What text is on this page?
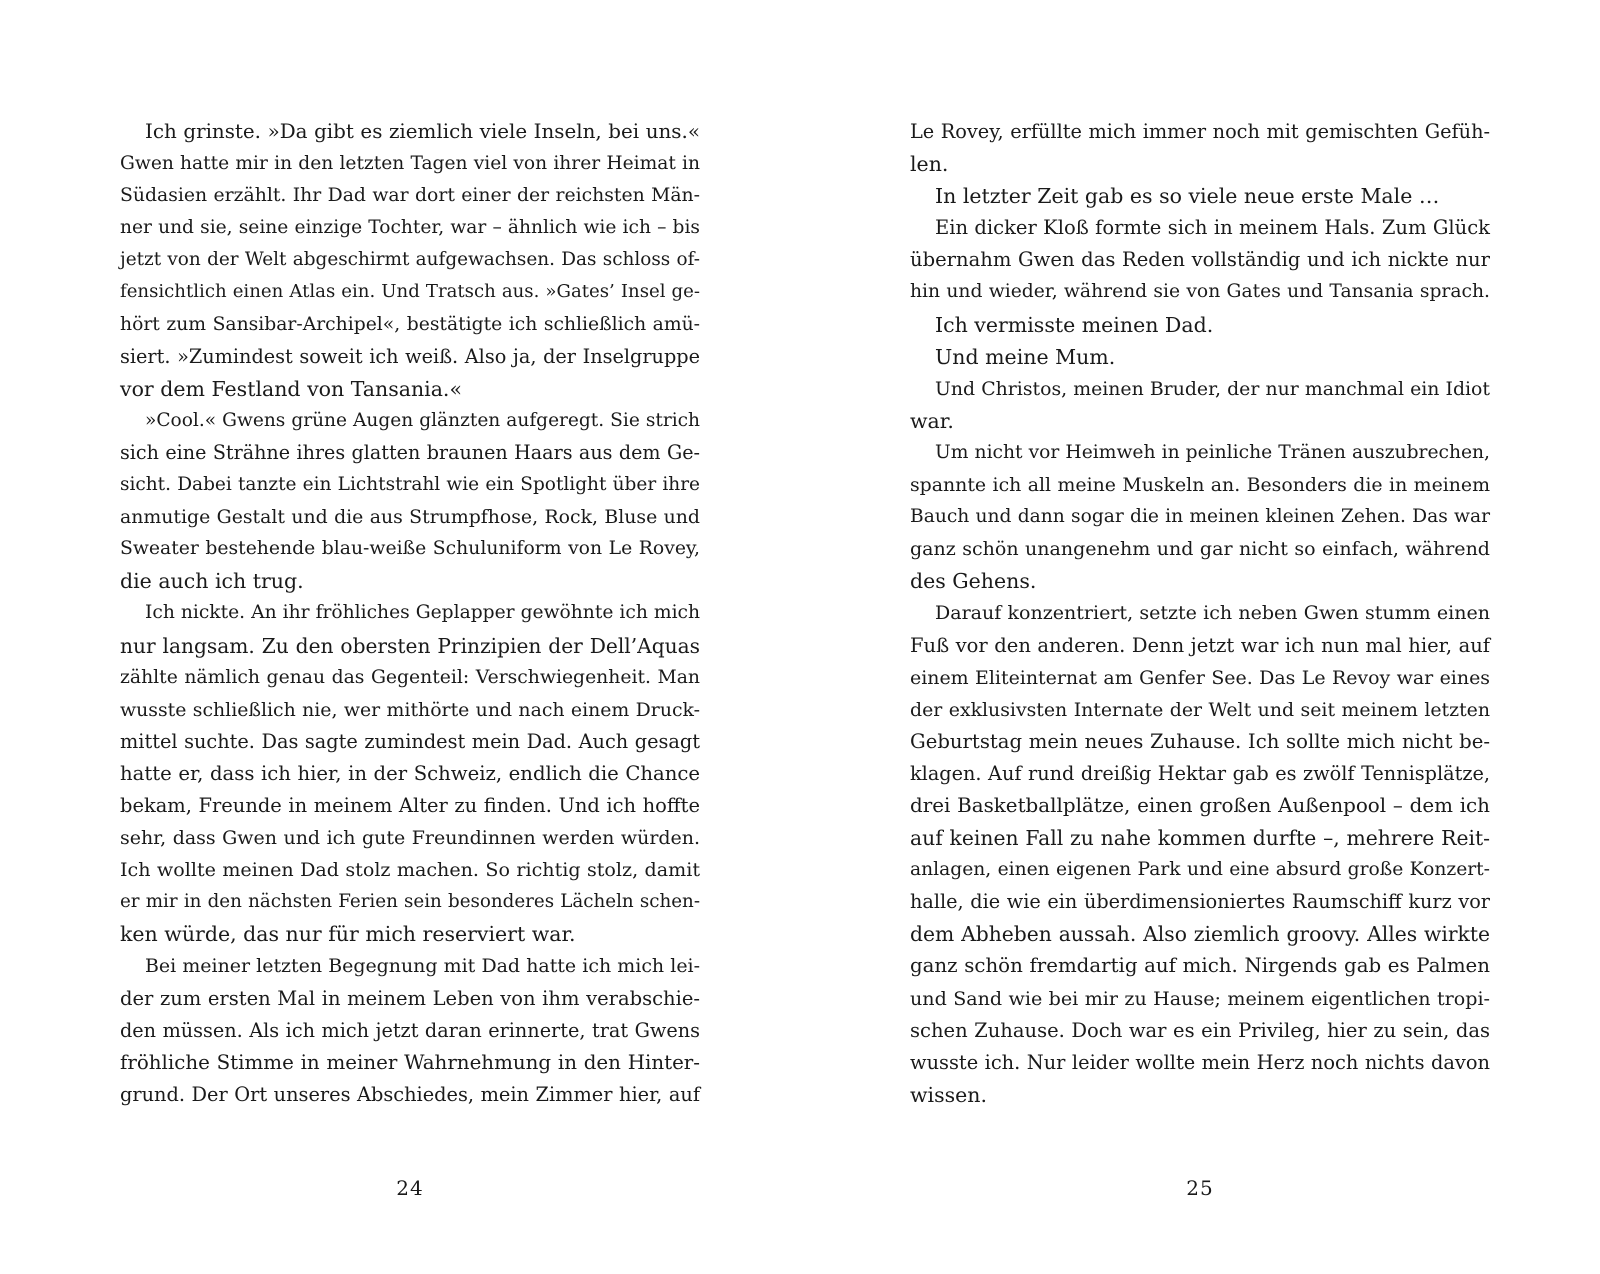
Ich grinste. »Da gibt es ziemlich viele Inseln, bei uns.«
Gwen hatte mir in den letzten Tagen viel von ihrer Heimat in
Südasien erzählt. Ihr Dad war dort einer der reichsten Män-
ner und sie, seine einzige Tochter, war – ähnlich wie ich – bis
jetzt von der Welt abgeschirmt aufgewachsen. Das schloss of-
fensichtlich einen Atlas ein. Und Tratsch aus. »Gates’ Insel ge-
hört zum Sansibar-Archipel«, bestätigte ich schließlich amü-
siert. »Zumindest soweit ich weiß. Also ja, der Inselgruppe
vor dem Festland von Tansania.«
»Cool.« Gwens grüne Augen glänzten aufgeregt. Sie strich
sich eine Strähne ihres glatten braunen Haars aus dem Ge-
sicht. Dabei tanzte ein Lichtstrahl wie ein Spotlight über ihre
anmutige Gestalt und die aus Strumpfhose, Rock, Bluse und
Sweater bestehende blau-weiße Schuluniform von Le Rovey,
die auch ich trug.
Ich nickte. An ihr fröhliches Geplapper gewöhnte ich mich
nur langsam. Zu den obersten Prinzipien der Dell’Aquas
zählte nämlich genau das Gegenteil: Verschwiegenheit. Man
wusste schließlich nie, wer mithörte und nach einem Druck-
mittel suchte. Das sagte zumindest mein Dad. Auch gesagt
hatte er, dass ich hier, in der Schweiz, endlich die Chance
bekam, Freunde in meinem Alter zu finden. Und ich hoffte
sehr, dass Gwen und ich gute Freundinnen werden würden.
Ich wollte meinen Dad stolz machen. So richtig stolz, damit
er mir in den nächsten Ferien sein besonderes Lächeln schen-
ken würde, das nur für mich reserviert war.
Bei meiner letzten Begegnung mit Dad hatte ich mich lei-
der zum ersten Mal in meinem Leben von ihm verabschie-
den müssen. Als ich mich jetzt daran erinnerte, trat Gwens
fröhliche Stimme in meiner Wahrnehmung in den Hinter-
grund. Der Ort unseres Abschiedes, mein Zimmer hier, auf
24
Le Rovey, erfüllte mich immer noch mit gemischten Gefüh-
len.
In letzter Zeit gab es so viele neue erste Male …
Ein dicker Kloß formte sich in meinem Hals. Zum Glück
übernahm Gwen das Reden vollständig und ich nickte nur
hin und wieder, während sie von Gates und Tansania sprach.
Ich vermisste meinen Dad.
Und meine Mum.
Und Christos, meinen Bruder, der nur manchmal ein Idiot
war.
Um nicht vor Heimweh in peinliche Tränen auszubrechen,
spannte ich all meine Muskeln an. Besonders die in meinem
Bauch und dann sogar die in meinen kleinen Zehen. Das war
ganz schön unangenehm und gar nicht so einfach, während
des Gehens.
Darauf konzentriert, setzte ich neben Gwen stumm einen
Fuß vor den anderen. Denn jetzt war ich nun mal hier, auf
einem Eliteinternat am Genfer See. Das Le Revoy war eines
der exklusivsten Internate der Welt und seit meinem letzten
Geburtstag mein neues Zuhause. Ich sollte mich nicht be-
klagen. Auf rund dreißig Hektar gab es zwölf Tennisplätze,
drei Basketballplätze, einen großen Außenpool – dem ich
auf keinen Fall zu nahe kommen durfte –, mehrere Reit-
anlagen, einen eigenen Park und eine absurd große Konzert-
halle, die wie ein überdimensioniertes Raumschiff kurz vor
dem Abheben aussah. Also ziemlich groovy. Alles wirkte
ganz schön fremdartig auf mich. Nirgends gab es Palmen
und Sand wie bei mir zu Hause; meinem eigentlichen tropi-
schen Zuhause. Doch war es ein Privileg, hier zu sein, das
wusste ich. Nur leider wollte mein Herz noch nichts davon
wissen.
25
